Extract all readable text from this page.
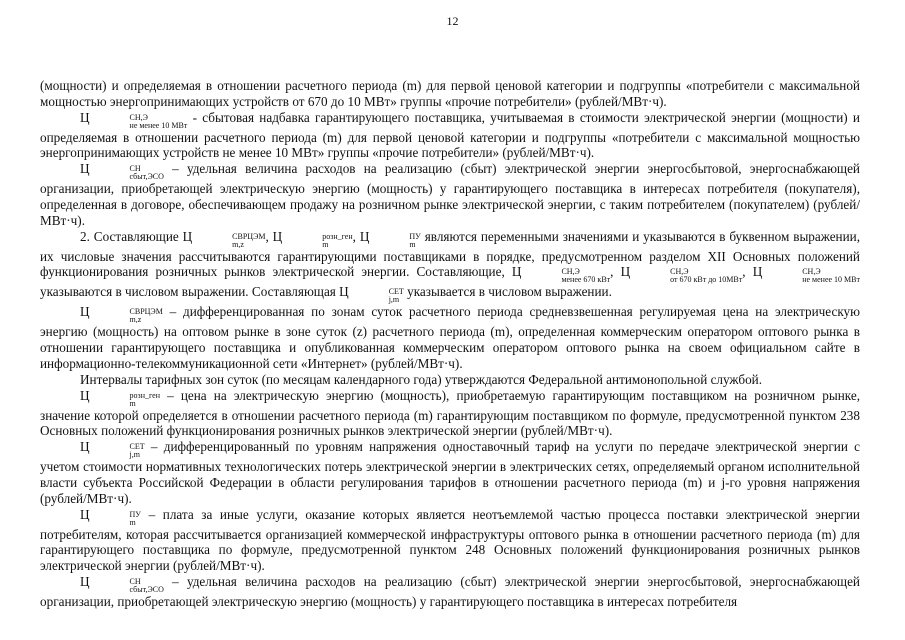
12

(мощности) и определяемая в отношении расчетного периода (m) для первой ценовой категории и подгруппы «потребители с максимальной мощностью энергопринимающих устройств от 670 до 10 МВт» группы «прочие потребители» (рублей/МВт·ч).

Ц	СН,Э
не менее 10 МВт
- сбытовая надбавка гарантирующего поставщика, учитываемая в стоимости электрической энергии (мощности) и определяемая в отношении расчетного периода (m) для первой ценовой категории и подгруппы «потребители с максимальной мощностью энергопринимающих устройств не менее 10 МВт» группы «прочие потребители» (рублей/МВт·ч).

Ц	СН
сбыт,ЭСО
– удельная величина расходов на реализацию (сбыт) электрической энергии энергосбытовой, энергоснабжающей организации, приобретающей электрическую энергию (мощность) у гарантирующего поставщика в интересах потребителя (покупателя), определенная в договоре, обеспечивающем продажу на розничном рынке электрической энергии, с таким потребителем (покупателем) (рублей/МВт·ч).

2. Составляющие Ц	СВРЦЭМ
m,z
, Ц	розн_ген
m
, Ц	ПУ
m
являются переменными значениями и указываются в буквенном выражении, их числовые значения рассчитываются гарантирующими поставщиками в порядке, предусмотренном разделом XII Основных положений функционирования розничных рынков электрической энергии. Составляющие, Ц	СН,Э
менее 670 кВт
, Ц	СН,Э
от 670 кВт до 10МВт
, Ц	СН,Э
не менее 10 МВт
указываются в числовом выражении. Составляющая Ц	СЕТ
j,m
указывается в числовом выражении.

Ц	СВРЦЭМ
m,z
– дифференцированная по зонам суток расчетного периода средневзвешенная регулируемая цена на электрическую энергию (мощность) на оптовом рынке в зоне суток (z) расчетного периода (m), определенная коммерческим оператором оптового рынка в отношении гарантирующего поставщика и опубликованная коммерческим оператором оптового рынка на своем официальном сайте в информационно-телекоммуникационной сети «Интернет» (рублей/МВт·ч).

Интервалы тарифных зон суток (по месяцам календарного года) утверждаются Федеральной антимонопольной службой.

Ц	розн_ген
m
– цена на электрическую энергию (мощность), приобретаемую гарантирующим поставщиком на розничном рынке, значение которой определяется в отношении расчетного периода (m) гарантирующим поставщиком по формуле, предусмотренной пунктом 238 Основных положений функционирования розничных рынков электрической энергии (рублей/МВт·ч).

Ц	СЕТ
j,m
– дифференцированный по уровням напряжения одноставочный тариф на услуги по передаче электрической энергии с учетом стоимости нормативных технологических потерь электрической энергии в электрических сетях, определяемый органом исполнительной власти субъекта Российской Федерации в области регулирования тарифов в отношении расчетного периода (m) и j-го уровня напряжения (рублей/МВт·ч).

Ц	ПУ
m
– плата за иные услуги, оказание которых является неотъемлемой частью процесса поставки электрической энергии потребителям, которая рассчитывается организацией коммерческой инфраструктуры оптового рынка в отношении расчетного периода (m) для гарантирующего поставщика по формуле, предусмотренной пунктом 248 Основных положений функционирования розничных рынков электрической энергии (рублей/МВт·ч).

Ц	СН
сбыт,ЭСО
– удельная величина расходов на реализацию (сбыт) электрической энергии энергосбытовой, энергоснабжающей организации, приобретающей электрическую энергию (мощность) у гарантирующего поставщика в интересах потребителя
